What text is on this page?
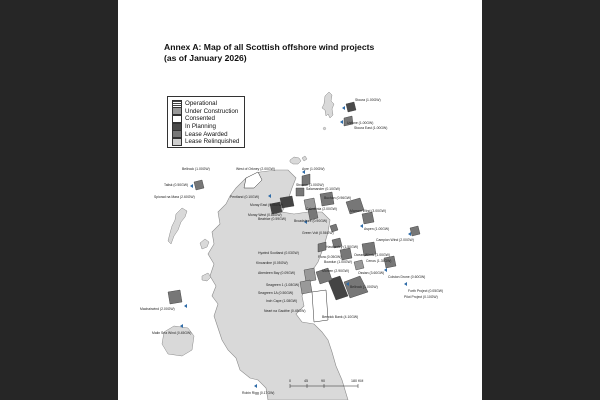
Annex A: Map of all Scottish offshore wind projects
(as of January 2026)
Stoura (1.00GW)
Ustone (1.00GW)
Bellrock (1.00GW)
Talisk (0.50GW)
West of Orkney (2.00GW)
Pentland (0.10GW)
Ayre (1.00GW)
Spiorad na Mara (2.60GW)
Salamander (0.10GW)
Buchan (0.96GW)
Broadshore (0.90GW)
Marram Wind (3.00GW)
Caledonia (2.00GW)
Moray West (0.88GW)
Moray East (0.95GW)
Beatrice (0.59GW)
Stromar (1.00GW)
Bowdun (1.00GW)
Morven (2.90GW)	Ossian (3.60GW)
Havbredey (1.50GW)
Campion Wind (2.00GW)
Bellrock (1.00GW)
Cenos (1.35GW)
Green Volt (0.56GW)
Flora (0.05GW)
Aspen (1.00GW)
Ocean Winds (1.00GW)
Hywind Scotland (0.03GW)
Kincardine (0.05GW)
Aberdeen Bay (0.09GW)
Seagreen 1 (1.08GW)
Seagreen 1A (0.50GW)
Inch Cape (1.08GW)
Neart na Gaoithe (0.45GW)
Berwick Bank (4.10GW)
Machairwind (2.00GW)
Malin Sea Wind (0.45GW)
Forth Project (0.05GW)
Robin Rigg (0.17GW)
Stoura East (1.00GW)
Colston Drone (0.60GW)
Pilot Project (0.10GW)
0	45	90	180 KM
Operational
Under Construction
Consented
In Planning
Lease Awarded
Lease Relinquished
